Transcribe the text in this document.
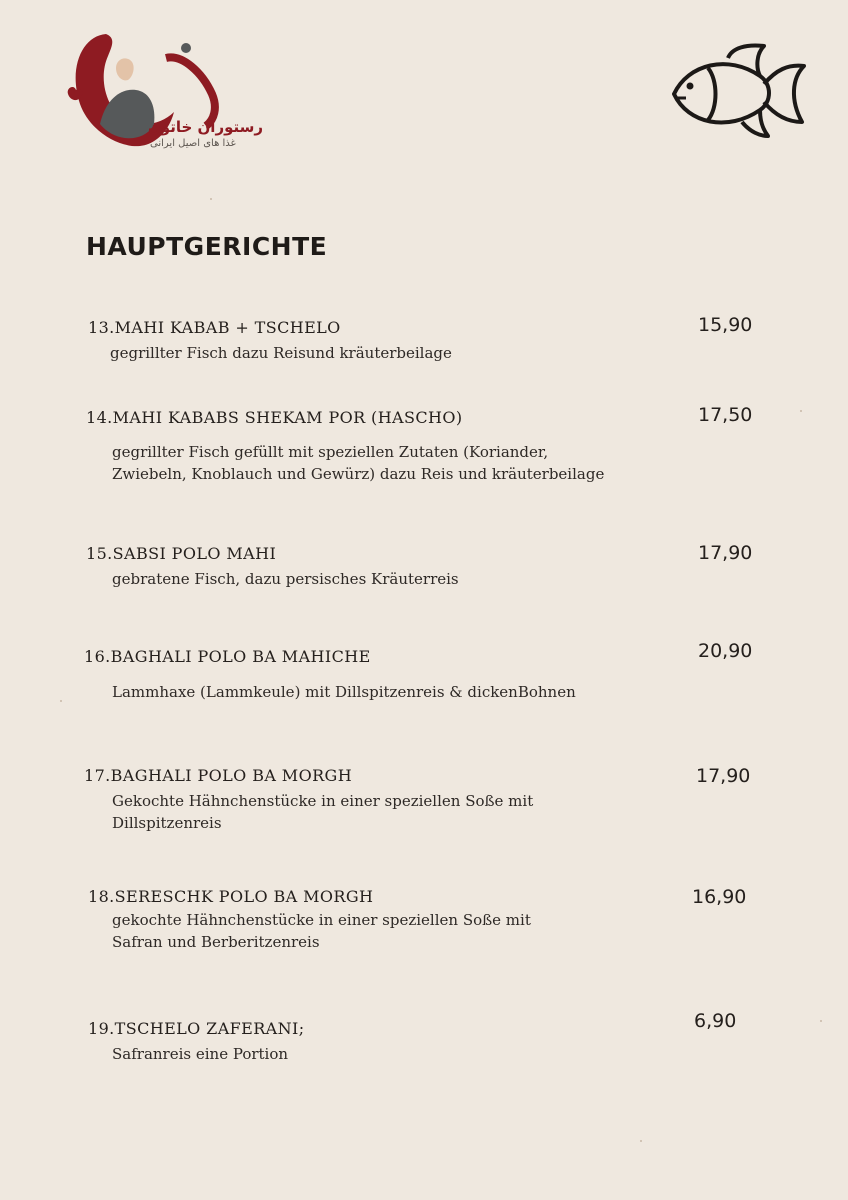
رستوران خاتون
غذا های اصیل ایرانی
HAUPTGERICHTE
13.MAHI KABAB + TSCHELO
gegrillter Fisch dazu Reisund kräuterbeilage
15,90
14.MAHI KABABS SHEKAM POR (HASCHO)
gegrillter Fisch gefüllt mit speziellen Zutaten (Koriander,
Zwiebeln, Knoblauch und Gewürz) dazu Reis und kräuterbeilage
17,50
15.SABSI POLO MAHI
gebratene Fisch, dazu persisches Kräuterreis
17,90
16.BAGHALI POLO BA MAHICHE
Lammhaxe (Lammkeule) mit Dillspitzenreis & dickenBohnen
20,90
17.BAGHALI POLO BA MORGH
Gekochte Hähnchenstücke in einer speziellen Soße mit
Dillspitzenreis
17,90
18.SERESCHK POLO BA MORGH
gekochte Hähnchenstücke in einer speziellen Soße mit
Safran und Berberitzenreis
16,90
19.TSCHELO ZAFERANI;
Safranreis eine Portion
6,90
